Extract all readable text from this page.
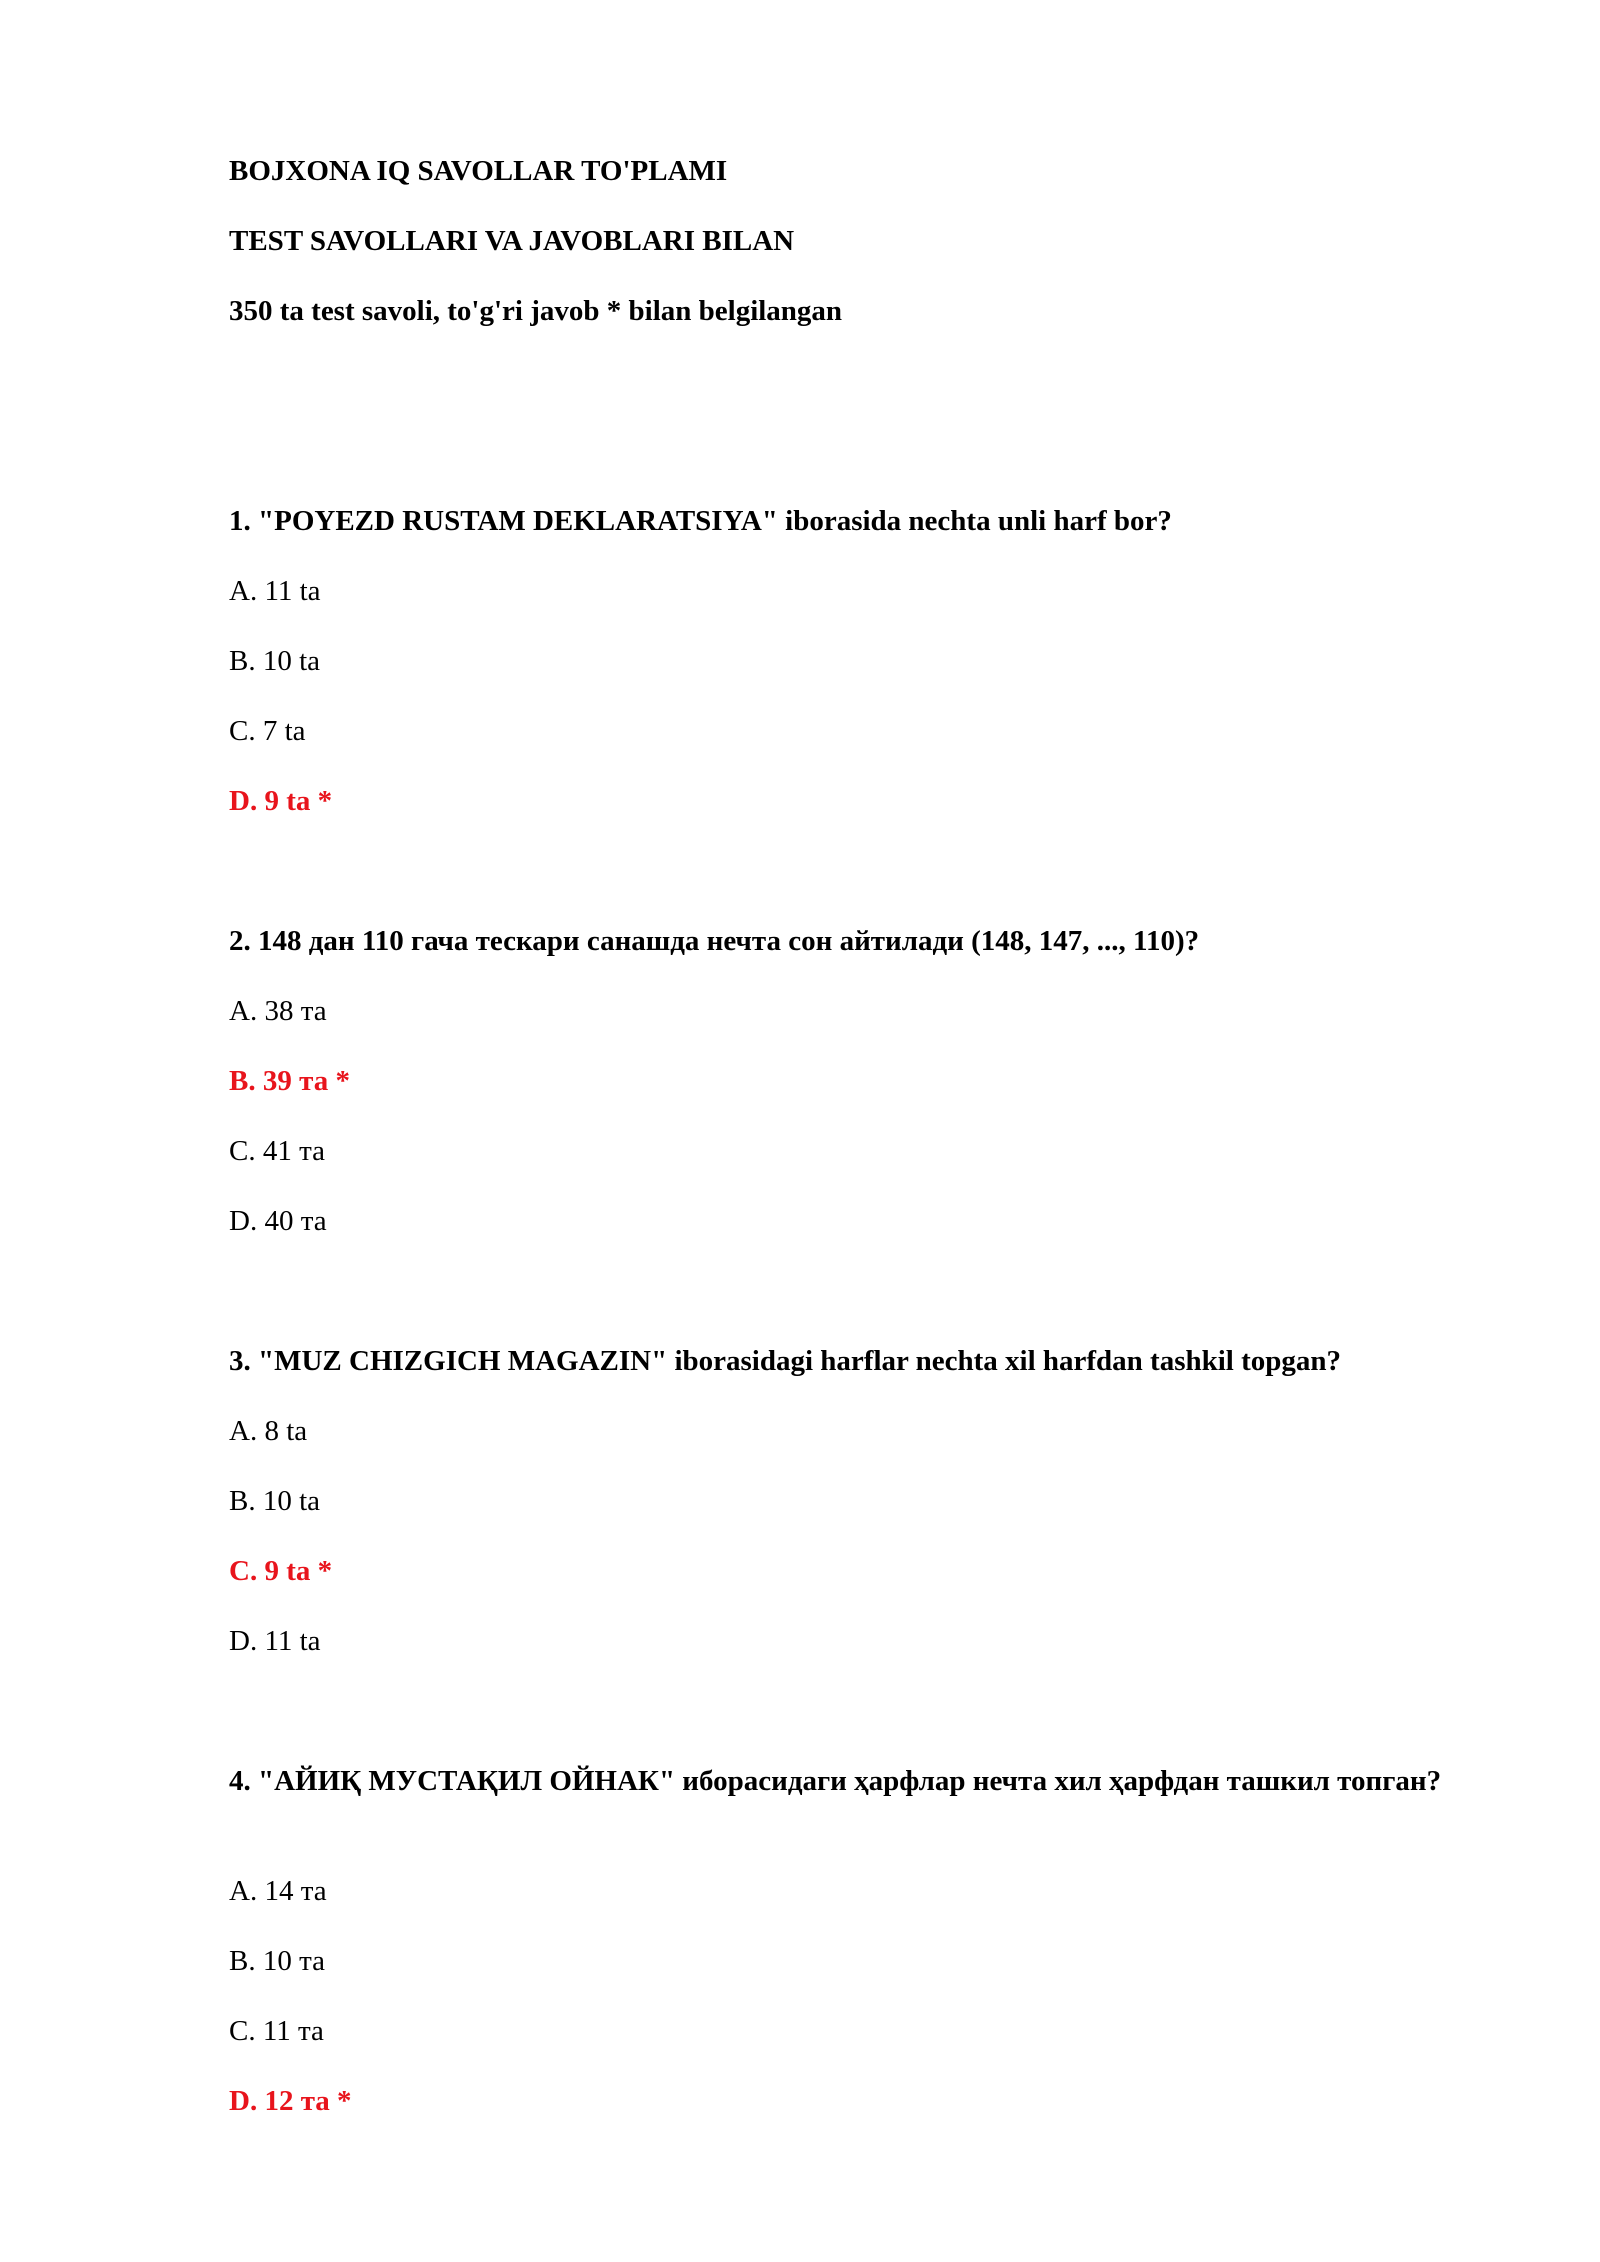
BOJXONA IQ SAVOLLAR TO'PLAMI
TEST SAVOLLARI VA JAVOBLARI BILAN
350 ta test savoli, to'g'ri javob * bilan belgilangan
1. "POYEZD RUSTAM DEKLARATSIYA" iborasida nechta unli harf bor?
A. 11 ta
B. 10 ta
C. 7 ta
D. 9 ta *
2. 148 дан 110 гача тескари санашда нечта сон айтилади (148, 147, ..., 110)?
A. 38 та
B. 39 та *
C. 41 та
D. 40 та
3. "MUZ CHIZGICH MAGAZIN" iborasidagi harflar nechta xil harfdan tashkil topgan?
A. 8 ta
B. 10 ta
C. 9 ta *
D. 11 ta
4. "АЙИҚ МУСТАҚИЛ ОЙНАК" иборасидаги ҳарфлар нечта хил ҳарфдан ташкил топган?
A. 14 та
B. 10 та
C. 11 та
D. 12 та *
